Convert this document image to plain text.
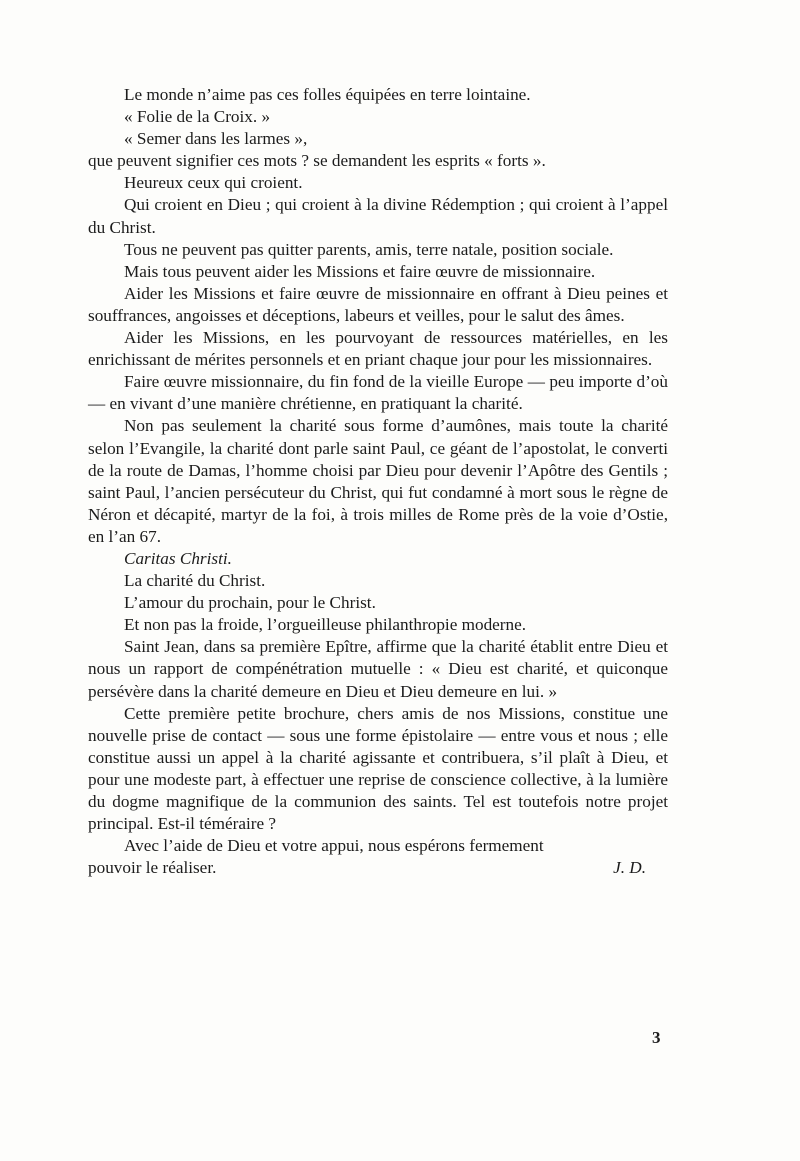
Le monde n’aime pas ces folles équipées en terre lointaine.

« Folie de la Croix. »

« Semer dans les larmes »,

que peuvent signifier ces mots ? se demandent les esprits « forts ».

Heureux ceux qui croient.

Qui croient en Dieu ; qui croient à la divine Rédemption ; qui croient à l’appel du Christ.

Tous ne peuvent pas quitter parents, amis, terre natale, position sociale.

Mais tous peuvent aider les Missions et faire œuvre de missionnaire.

Aider les Missions et faire œuvre de missionnaire en offrant à Dieu peines et souffrances, angoisses et déceptions, labeurs et veilles, pour le salut des âmes.

Aider les Missions, en les pourvoyant de ressources matérielles, en les enrichissant de mérites personnels et en priant chaque jour pour les missionnaires.

Faire œuvre missionnaire, du fin fond de la vieille Europe — peu importe d’où — en vivant d’une manière chrétienne, en pratiquant la charité.

Non pas seulement la charité sous forme d’aumônes, mais toute la charité selon l’Evangile, la charité dont parle saint Paul, ce géant de l’apostolat, le converti de la route de Damas, l’homme choisi par Dieu pour devenir l’Apôtre des Gentils ; saint Paul, l’ancien persécuteur du Christ, qui fut condamné à mort sous le règne de Néron et décapité, martyr de la foi, à trois milles de Rome près de la voie d’Ostie, en l’an 67.

Caritas Christi.

La charité du Christ.

L’amour du prochain, pour le Christ.

Et non pas la froide, l’orgueilleuse philanthropie moderne.

Saint Jean, dans sa première Epître, affirme que la charité établit entre Dieu et nous un rapport de compénétration mutuelle : « Dieu est charité, et quiconque persévère dans la charité demeure en Dieu et Dieu demeure en lui. »

Cette première petite brochure, chers amis de nos Missions, constitue une nouvelle prise de contact — sous une forme épistolaire — entre vous et nous ; elle constitue aussi un appel à la charité agissante et contribuera, s’il plaît à Dieu, et pour une modeste part, à effectuer une reprise de conscience collective, à la lumière du dogme magnifique de la communion des saints. Tel est toutefois notre projet principal. Est-il téméraire ?

Avec l’aide de Dieu et votre appui, nous espérons fermement

pouvoir le réaliser.	J. D.

3
